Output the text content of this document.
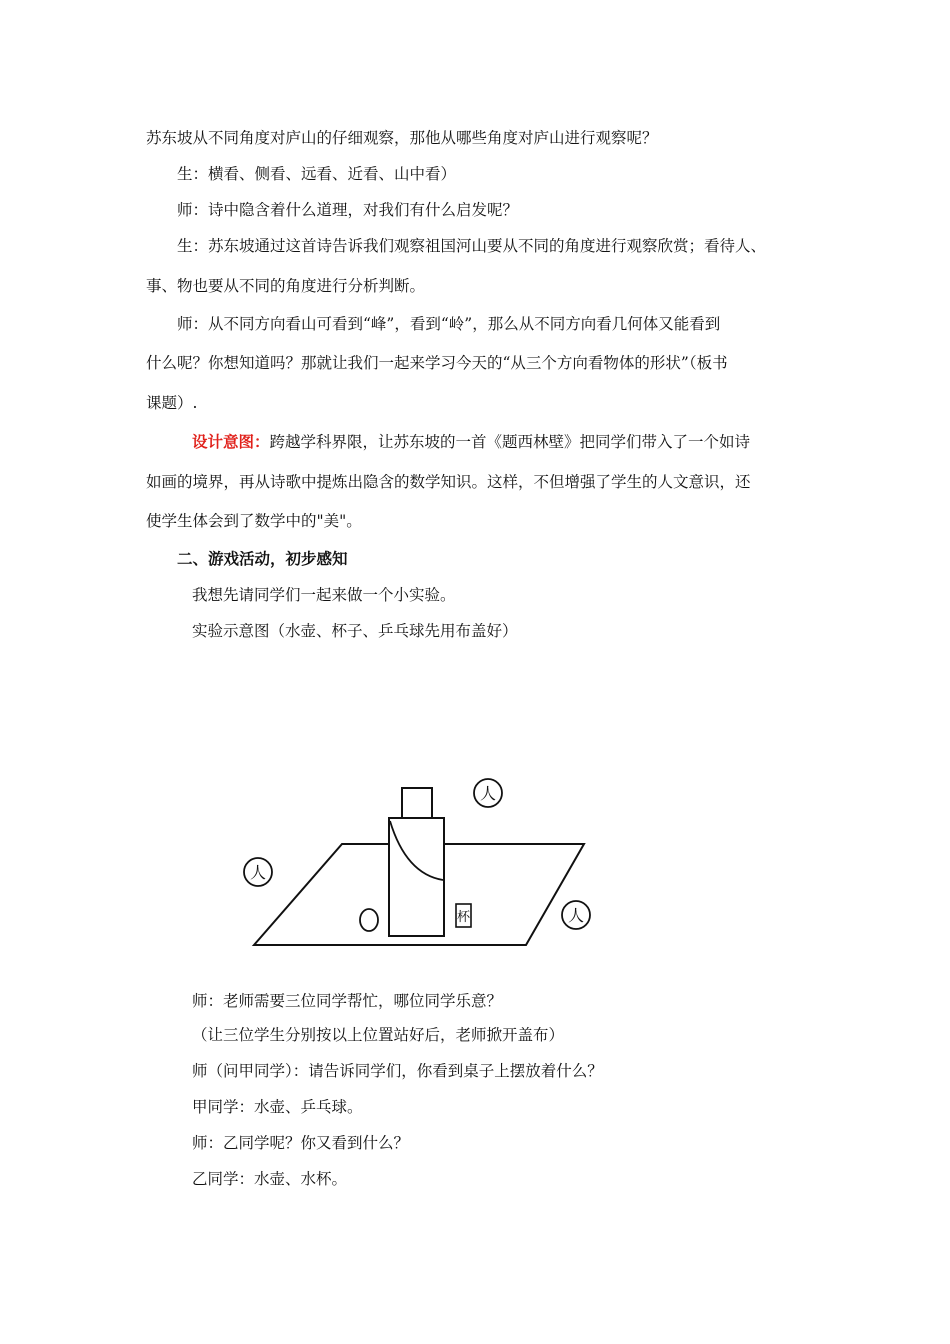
苏东坡从不同角度对庐山的仔细观察，那他从哪些角度对庐山进行观察呢？
生：横看、侧看、远看、近看、山中看）
师：诗中隐含着什么道理，对我们有什么启发呢？
生：苏东坡通过这首诗告诉我们观察祖国河山要从不同的角度进行观察欣赏；看待人、
事、物也要从不同的角度进行分析判断。
师：从不同方向看山可看到“峰”，看到“岭”，那么从不同方向看几何体又能看到
什么呢？你想知道吗？那就让我们一起来学习今天的“从三个方向看物体的形状”（板书
课题）.
设计意图：跨越学科界限，让苏东坡的一首《题西林壁》把同学们带入了一个如诗
如画的境界，再从诗歌中提炼出隐含的数学知识。这样，不但增强了学生的人文意识，还
使学生体会到了数学中的"美"。
二、游戏活动，初步感知
我想先请同学们一起来做一个小实验。
实验示意图（水壶、杯子、乒乓球先用布盖好）
杯
人
人
人
师：老师需要三位同学帮忙，哪位同学乐意？
（让三位学生分别按以上位置站好后，老师掀开盖布）
师（问甲同学）：请告诉同学们，你看到桌子上摆放着什么？
甲同学：水壶、乒乓球。
师：乙同学呢？你又看到什么？
乙同学：水壶、水杯。
